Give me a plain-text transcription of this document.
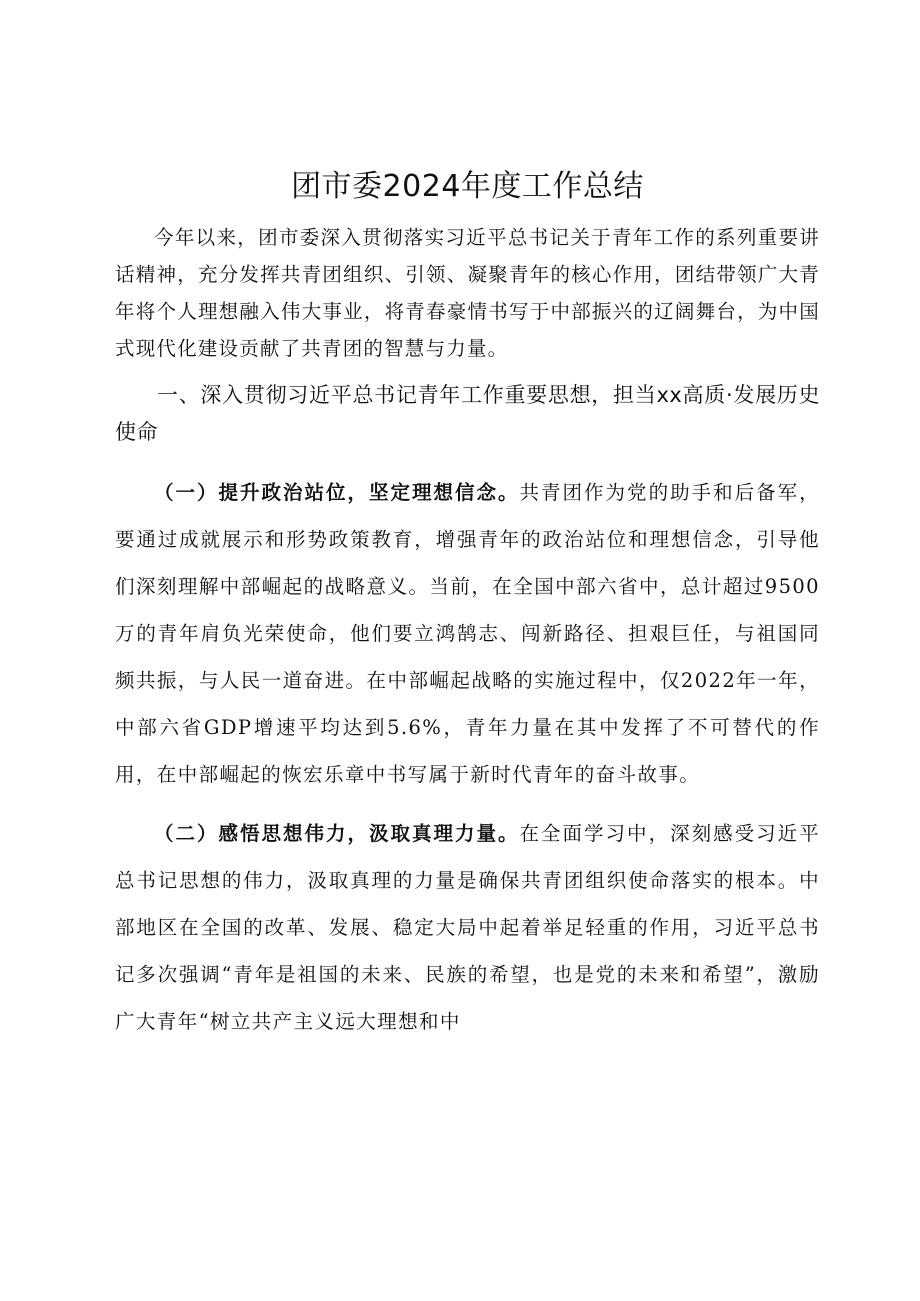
团市委2024年度工作总结

今年以来，团市委深入贯彻落实习近平总书记关于青年工作的系列重要讲话精神，充分发挥共青团组织、引领、凝聚青年的核心作用，团结带领广大青年将个人理想融入伟大事业，将青春豪情书写于中部振兴的辽阔舞台，为中国式现代化建设贡献了共青团的智慧与力量。

一、深入贯彻习近平总书记青年工作重要思想，担当xx高质·发展历史使命

（一）提升政治站位，坚定理想信念。共青团作为党的助手和后备军，要通过成就展示和形势政策教育，增强青年的政治站位和理想信念，引导他们深刻理解中部崛起的战略意义。当前，在全国中部六省中，总计超过9500万的青年肩负光荣使命，他们要立鸿鹄志、闯新路径、担艰巨任，与祖国同频共振，与人民一道奋进。在中部崛起战略的实施过程中，仅2022年一年，中部六省GDP增速平均达到5.6%，青年力量在其中发挥了不可替代的作用，在中部崛起的恢宏乐章中书写属于新时代青年的奋斗故事。

（二）感悟思想伟力，汲取真理力量。在全面学习中，深刻感受习近平总书记思想的伟力，汲取真理的力量是确保共青团组织使命落实的根本。中部地区在全国的改革、发展、稳定大局中起着举足轻重的作用，习近平总书记多次强调“青年是祖国的未来、民族的希望，也是党的未来和希望”，激励广大青年“树立共产主义远大理想和中
